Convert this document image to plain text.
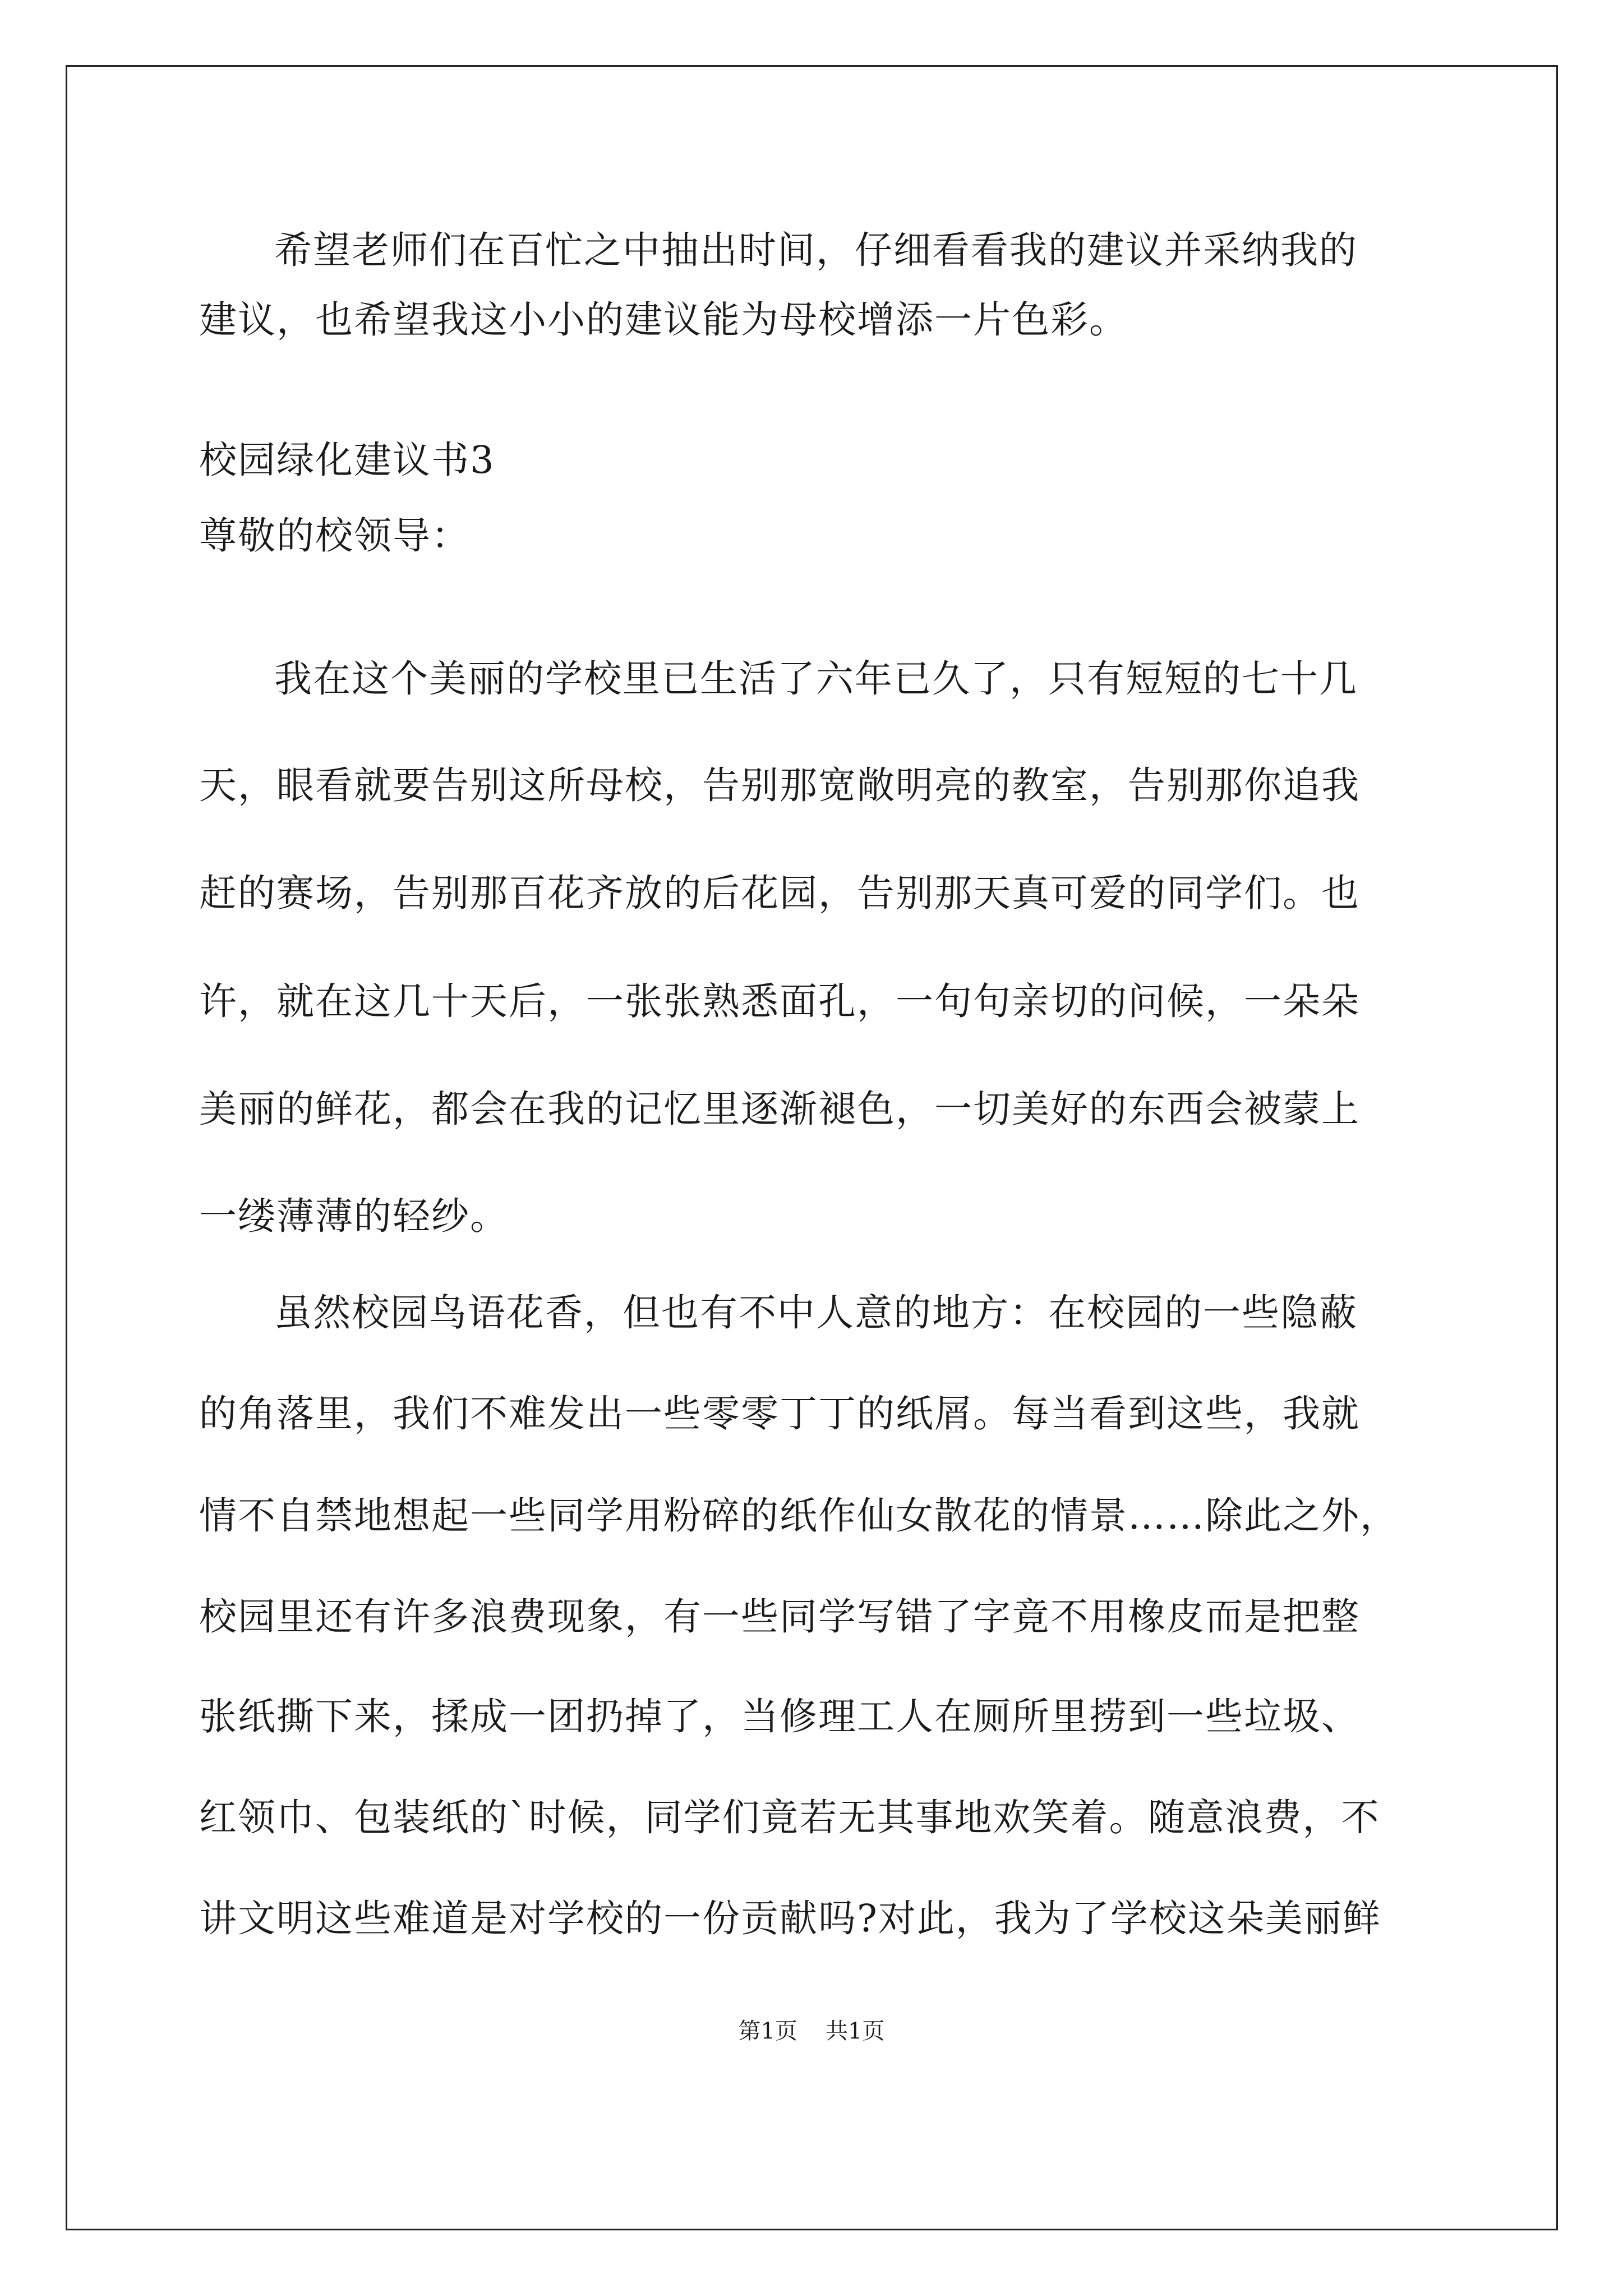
希望老师们在百忙之中抽出时间，仔细看看我的建议并采纳我的
建议，也希望我这小小的建议能为母校增添一片色彩。
校园绿化建议书3
尊敬的校领导：
我在这个美丽的学校里已生活了六年已久了，只有短短的七十几
天，眼看就要告别这所母校，告别那宽敞明亮的教室，告别那你追我
赶的赛场，告别那百花齐放的后花园，告别那天真可爱的同学们。也
许，就在这几十天后，一张张熟悉面孔，一句句亲切的问候，一朵朵
美丽的鲜花，都会在我的记忆里逐渐褪色，一切美好的东西会被蒙上
一缕薄薄的轻纱。
虽然校园鸟语花香，但也有不中人意的地方：在校园的一些隐蔽
的角落里，我们不难发出一些零零丁丁的纸屑。每当看到这些，我就
情不自禁地想起一些同学用粉碎的纸作仙女散花的情景……除此之外，
校园里还有许多浪费现象，有一些同学写错了字竟不用橡皮而是把整
张纸撕下来，揉成一团扔掉了，当修理工人在厕所里捞到一些垃圾、
红领巾、包装纸的`时候，同学们竟若无其事地欢笑着。随意浪费，不
讲文明这些难道是对学校的一份贡献吗?对此，我为了学校这朵美丽鲜
第1页 共1页
